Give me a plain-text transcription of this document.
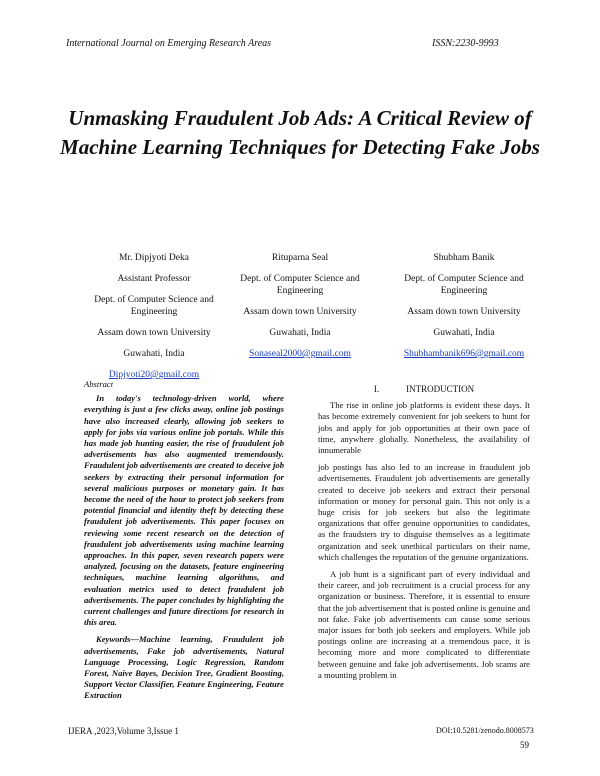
International Journal on Emerging Research Areas	ISSN:2230-9993
Unmasking Fraudulent Job Ads: A Critical Review of Machine Learning Techniques for Detecting Fake Jobs
Mr. Dipjyoti Deka
Assistant Professor
Dept. of Computer Science and Engineering
Assam down town University
Guwahati, India
Dipjyoti20@gmail.com
Rituparna Seal
Dept. of Computer Science and Engineering
Assam down town University
Guwahati, India
Sonaseal2000@gmail.com
Shubham Banik
Dept. of Computer Science and Engineering
Assam down town University
Guwahati, India
Shubhambanik696@gmail.com
Abstract
In today's technology-driven world, where everything is just a few clicks away, online job postings have also increased clearly, allowing job seekers to apply for jobs via various online job portals. While this has made job hunting easier, the rise of fraudulent job advertisements has also augmented tremendously. Fraudulent job advertisements are created to deceive job seekers by extracting their personal information for several malicious purposes or monetary gain. It has become the need of the hour to protect job seekers from potential financial and identity theft by detecting these fraudulent job advertisements. This paper focuses on reviewing some recent research on the detection of fraudulent job advertisements using machine learning approaches. In this paper, seven research papers were analyzed, focusing on the datasets, feature engineering techniques, machine learning algorithms, and evaluation metrics used to detect fraudulent job advertisements. The paper concludes by highlighting the current challenges and future directions for research in this area.
Keywords—Machine learning, Fraudulent job advertisements, Fake job advertisements, Natural Language Processing, Logic Regression, Random Forest, Naive Bayes, Decision Tree, Gradient Boosting, Support Vector Classifier, Feature Engineering, Feature Extraction
I.   INTRODUCTION

The rise in online job platforms is evident these days. It has become extremely convenient for job seekers to hunt for jobs and apply for job opportunities at their own pace of time, anywhere globally. Nonetheless, the availability of innumerable

job postings has also led to an increase in fraudulent job advertisements. Fraudulent job advertisements are generally created to deceive job seekers and extract their personal information or money for personal gain. This not only is a huge crisis for job seekers but also the legitimate organizations that offer genuine opportunities to candidates, as the fraudsters try to disguise themselves as a legitimate organization and seek unethical particulars on their name, which challenges the reputation of the genuine organizations.

A job hunt is a significant part of every individual and their career, and job recruitment is a crucial process for any organization or business. Therefore, it is essential to ensure that the job advertisement that is posted online is genuine and not fake. Fake job advertisements can cause some serious major issues for both job seekers and employers. While job postings online are increasing at a tremendous pace, it is becoming more and more complicated to differentiate between genuine and fake job advertisements. Job scams are a mounting problem in

IJERA ,2023,Volume 3,Issue 1	DOI:10.5281/zenodo.8008573
59
